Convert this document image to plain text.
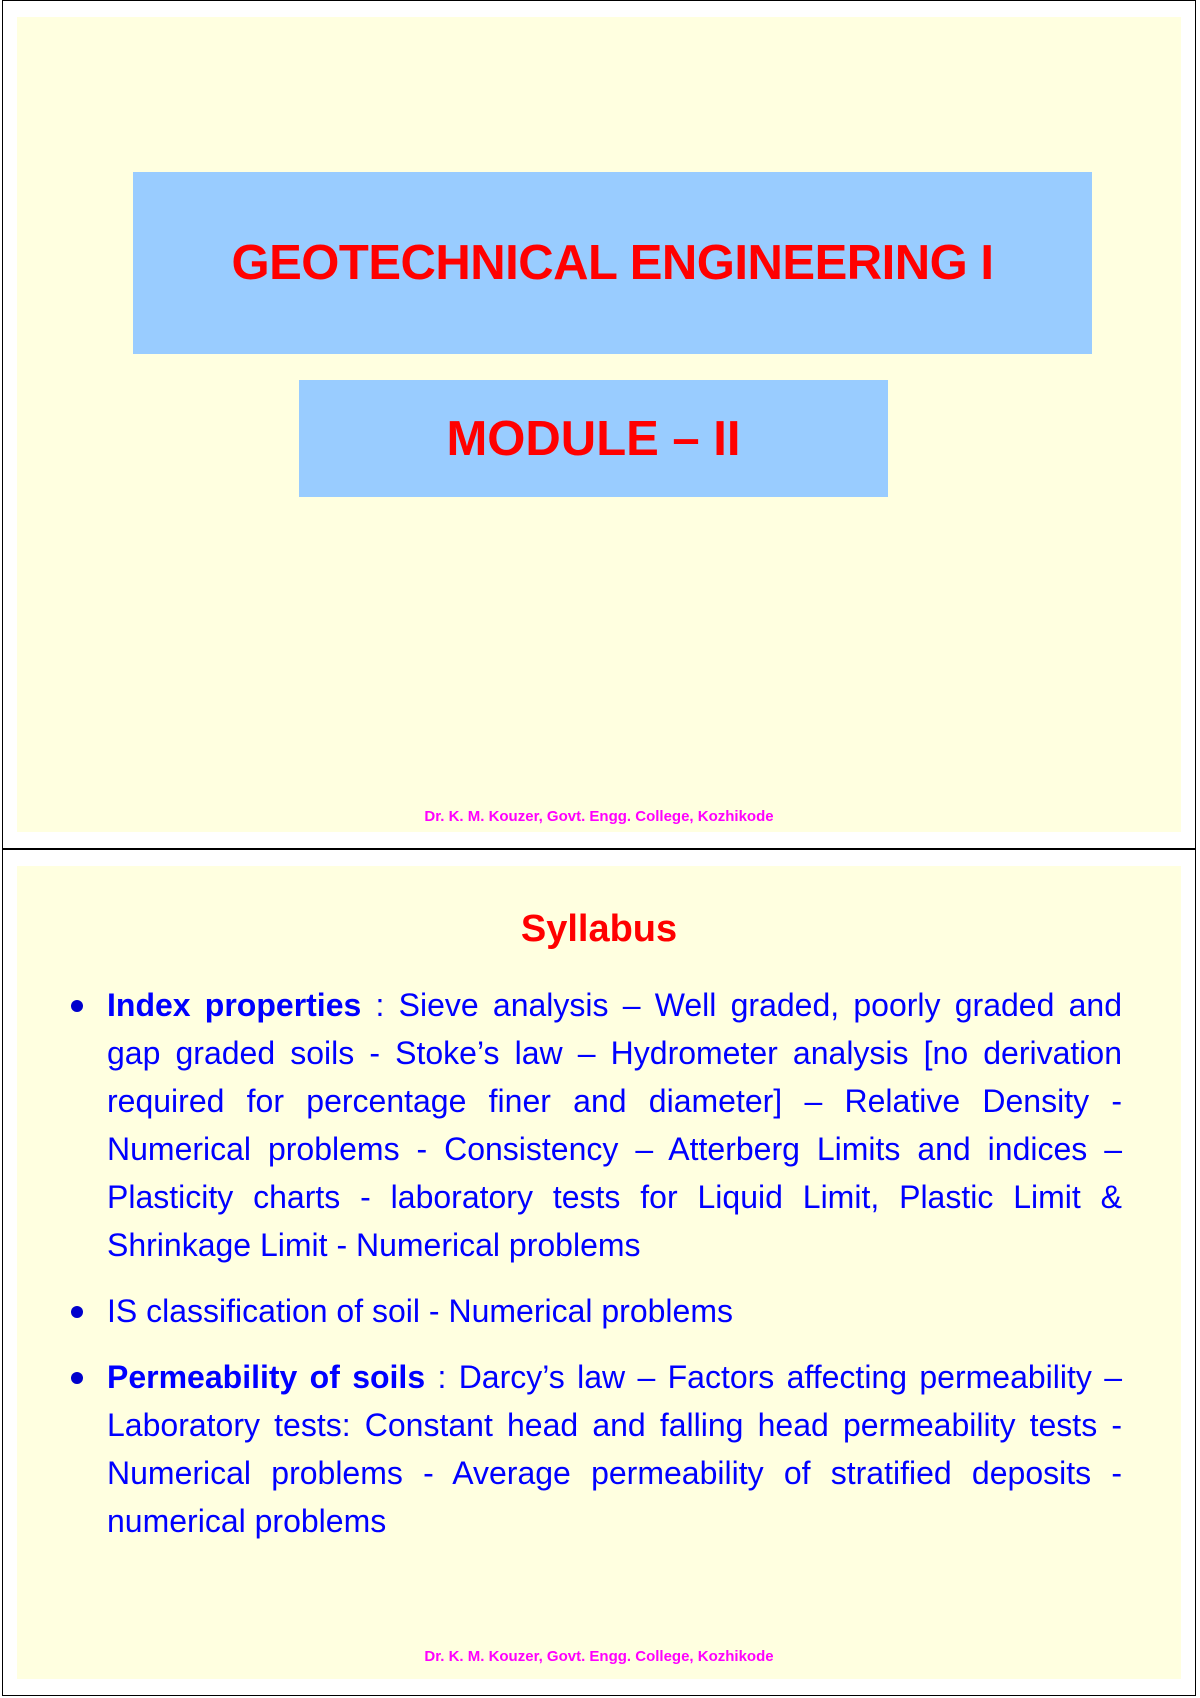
GEOTECHNICAL ENGINEERING I
MODULE – II
Dr. K. M. Kouzer, Govt. Engg. College, Kozhikode
Syllabus
Index properties : Sieve analysis – Well graded, poorly graded and gap graded soils - Stoke’s law – Hydrometer analysis [no derivation required for percentage finer and diameter] – Relative Density - Numerical problems - Consistency – Atterberg Limits and indices – Plasticity charts - laboratory tests for Liquid Limit, Plastic Limit & Shrinkage Limit - Numerical problems
IS classification of soil - Numerical problems
Permeability of soils : Darcy’s law – Factors affecting permeability – Laboratory tests: Constant head and falling head permeability tests - Numerical problems - Average permeability of stratified deposits - numerical problems
Dr. K. M. Kouzer, Govt. Engg. College, Kozhikode
